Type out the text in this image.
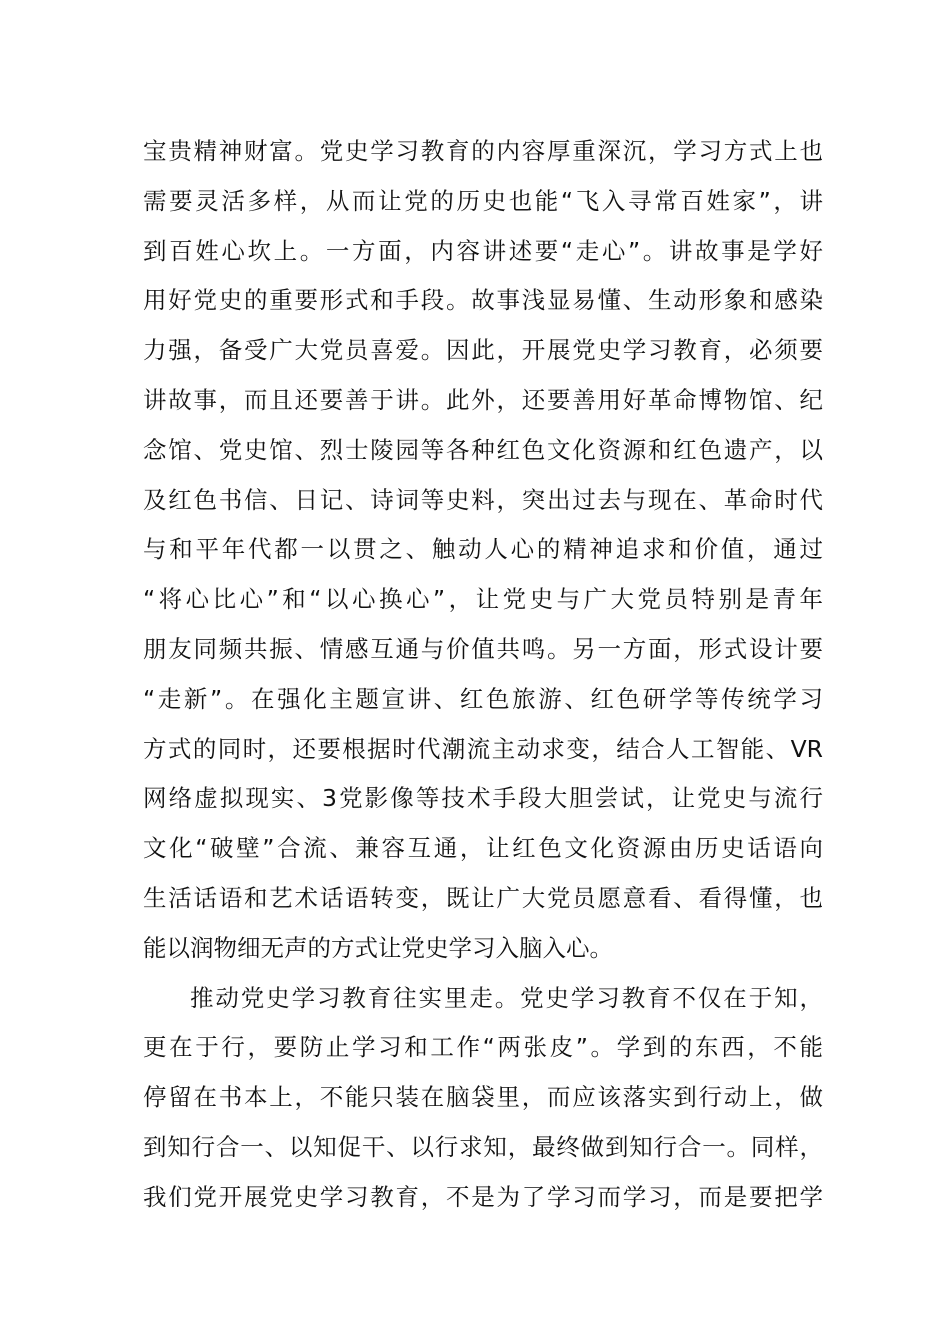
宝贵精神财富。党史学习教育的内容厚重深沉，学习方式上也
需要灵活多样，从而让党的历史也能“飞入寻常百姓家”，讲
到百姓心坎上。一方面，内容讲述要“走心”。讲故事是学好
用好党史的重要形式和手段。故事浅显易懂、生动形象和感染
力强，备受广大党员喜爱。因此，开展党史学习教育，必须要
讲故事，而且还要善于讲。此外，还要善用好革命博物馆、纪
念馆、党史馆、烈士陵园等各种红色文化资源和红色遗产，以
及红色书信、日记、诗词等史料，突出过去与现在、革命时代
与和平年代都一以贯之、触动人心的精神追求和价值，通过
“将心比心”和“以心换心”，让党史与广大党员特别是青年
朋友同频共振、情感互通与价值共鸣。另一方面，形式设计要
“走新”。在强化主题宣讲、红色旅游、红色研学等传统学习
方式的同时，还要根据时代潮流主动求变，结合人工智能、VR
网络虚拟现实、3党影像等技术手段大胆尝试，让党史与流行
文化“破壁”合流、兼容互通，让红色文化资源由历史话语向
生活话语和艺术话语转变，既让广大党员愿意看、看得懂，也
能以润物细无声的方式让党史学习入脑入心。
推动党史学习教育往实里走。党史学习教育不仅在于知，
更在于行，要防止学习和工作“两张皮”。学到的东西，不能
停留在书本上，不能只装在脑袋里，而应该落实到行动上，做
到知行合一、以知促干、以行求知，最终做到知行合一。同样，
我们党开展党史学习教育，不是为了学习而学习，而是要把学
